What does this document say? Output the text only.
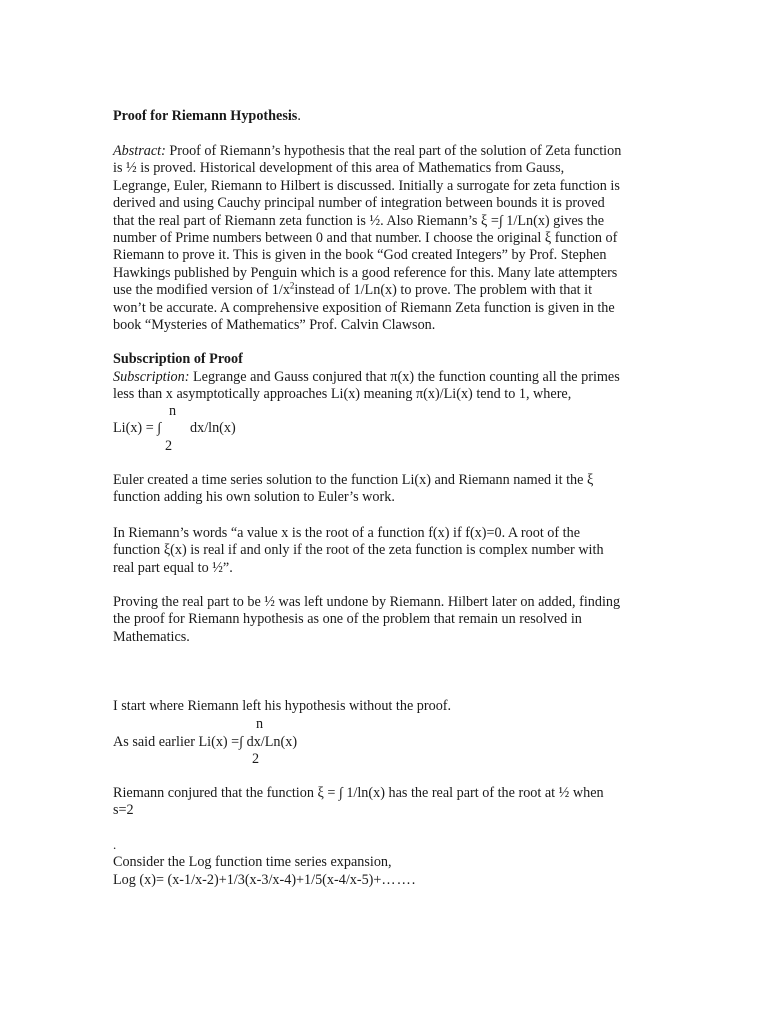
Proof for Riemann Hypothesis.
Abstract: Proof of Riemann’s hypothesis that the real part of the solution of Zeta function
is ½ is proved. Historical development of this area of Mathematics from Gauss,
Legrange, Euler, Riemann to Hilbert is discussed. Initially a surrogate for zeta function is
derived and using Cauchy principal number of integration between bounds it is proved
that the real part of Riemann zeta function is ½. Also Riemann’s ξ =∫ 1/Ln(x) gives the
number of Prime numbers between 0 and that number. I choose the original ξ function of
Riemann to prove it. This is given in the book “God created Integers” by Prof. Stephen
Hawkings published by Penguin which is a good reference for this. Many late attempters
use the modified version of $1/x^2instead$ of 1/Ln(x) to prove. The problem with that it
won’t be accurate. A comprehensive exposition of Riemann Zeta function is given in the
book “Mysteries of Mathematics” Prof. Calvin Clawson.
Subscription of Proof
Subscription: Legrange and Gauss conjured that π(x) the function counting all the primes
less than x asymptotically approaches Li(x) meaning π(x)/Li(x) tend to 1, where,
n
Li(x) = ∫ dx/ln(x)
2
Euler created a time series solution to the function Li(x) and Riemann named it the ξ
function adding his own solution to Euler’s work.
In Riemann’s words “a value x is the root of a function f(x) if f(x)=0. A root of the
function ξ(x) is real if and only if the root of the zeta function is complex number with
real part equal to ½”.
Proving the real part to be ½ was left undone by Riemann. Hilbert later on added, finding
the proof for Riemann hypothesis as one of the problem that remain un resolved in
Mathematics.
I start where Riemann left his hypothesis without the proof.
n
As said earlier Li(x) =∫ dx/Ln(x)
2
Riemann conjured that the function ξ = ∫ 1/ln(x) has the real part of the root at ½ when
s=2
.
Consider the Log function time series expansion,
Log (x)= (x-1/x-2)+1/3(x-3/x-4)+1/5(x-4/x-5)+…….
